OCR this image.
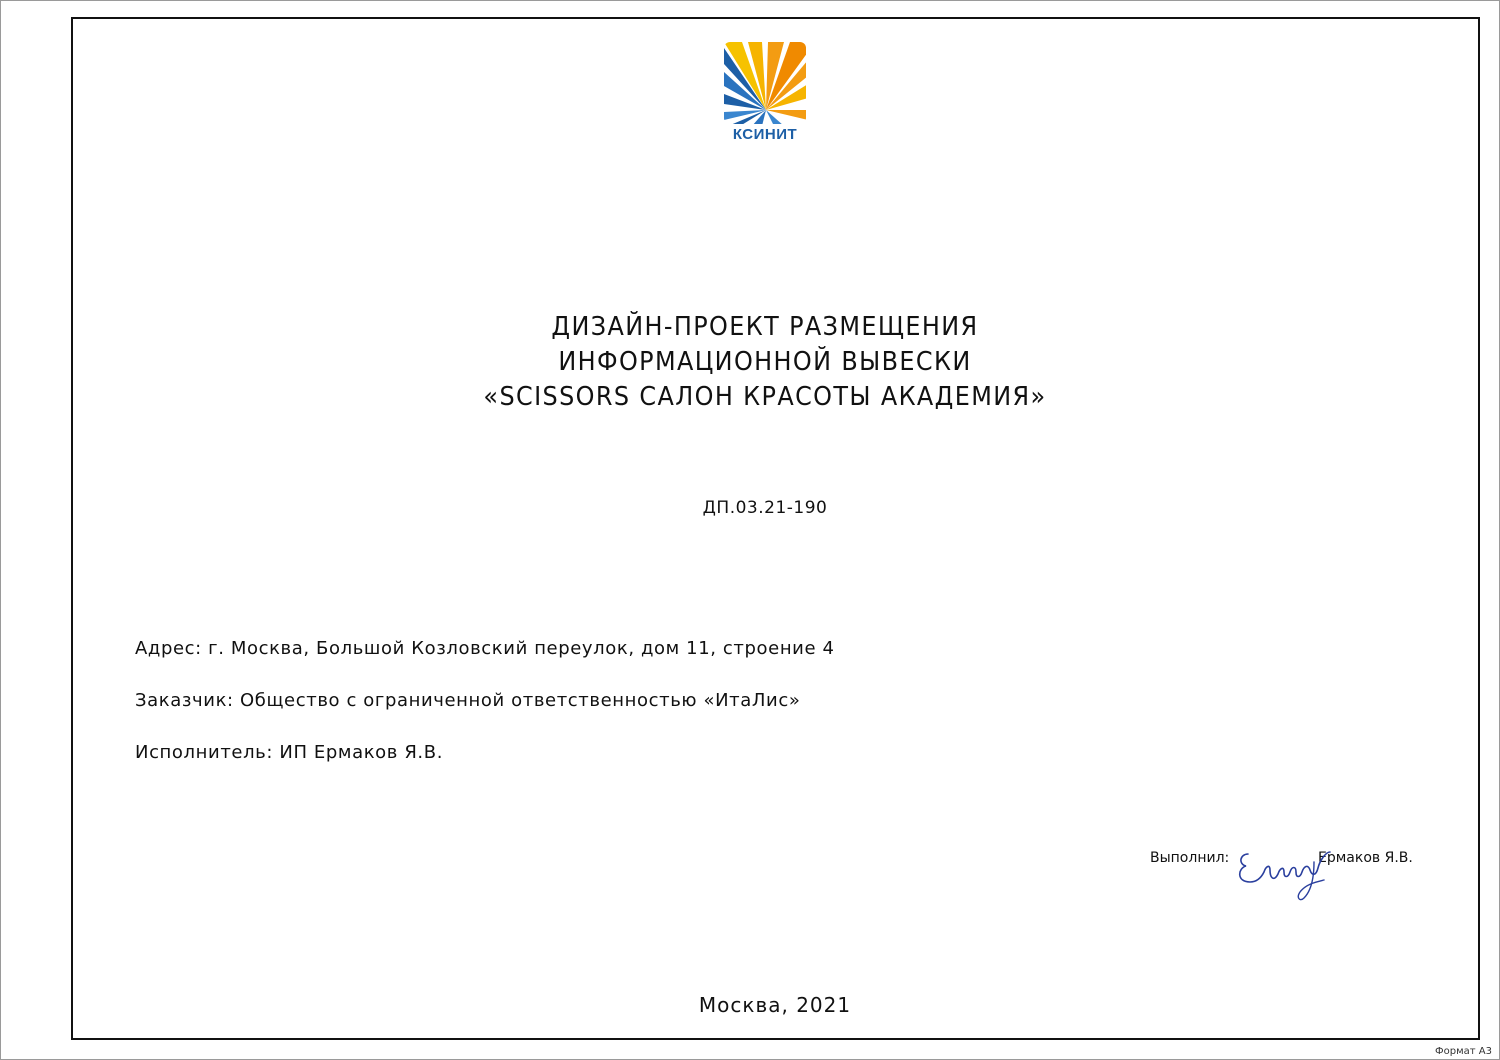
КСИНИТ
ДИЗАЙН-ПРОЕКТ РАЗМЕЩЕНИЯ
ИНФОРМАЦИОННОЙ ВЫВЕСКИ
«SCISSORS САЛОН КРАСОТЫ АКАДЕМИЯ»
ДП.03.21-190
Адрес: г. Москва, Большой Козловский переулок, дом 11, строение 4
Заказчик: Общество с ограниченной ответственностью «ИтаЛис»
Исполнитель: ИП Ермаков Я.В.
Выполнил:	Ермаков Я.В.
Москва, 2021
Формат А3
